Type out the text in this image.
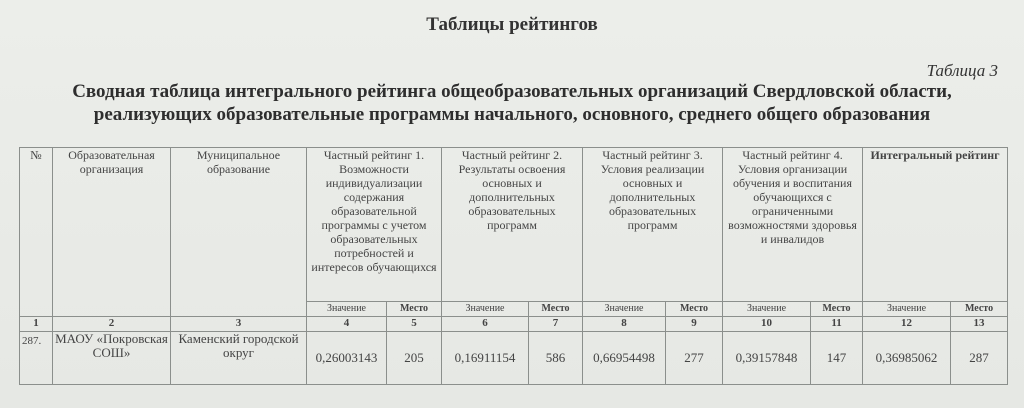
Таблицы рейтингов
Таблица 3
Сводная таблица интегрального рейтинга общеобразовательных организаций Свердловской области,
реализующих образовательные программы начального, основного, среднего общего образования
№	Образовательная организация	Муниципальное образование	Частный рейтинг 1. Возможности индивидуализации содержания образовательной программы с учетом образовательных потребностей и интересов обучающихся		Частный рейтинг 2. Результаты освоения основных и дополнительных образовательных программ		Частный рейтинг 3. Условия реализации основных и дополнительных образовательных программ		Частный рейтинг 4. Условия организации обучения и воспитания обучающихся с ограниченными возможностями здоровья и инвалидов		Интегральный рейтинг	
			Значение	Место	Значение	Место	Значение	Место	Значение	Место	Значение	Место
1	2	3	4	5	6	7	8	9	10	11	12	13
287.	МАОУ «Покровская СОШ»	Каменский городской округ	0,26003143	205	0,16911154	586	0,66954498	277	0,39157848	147	0,36985062	287
